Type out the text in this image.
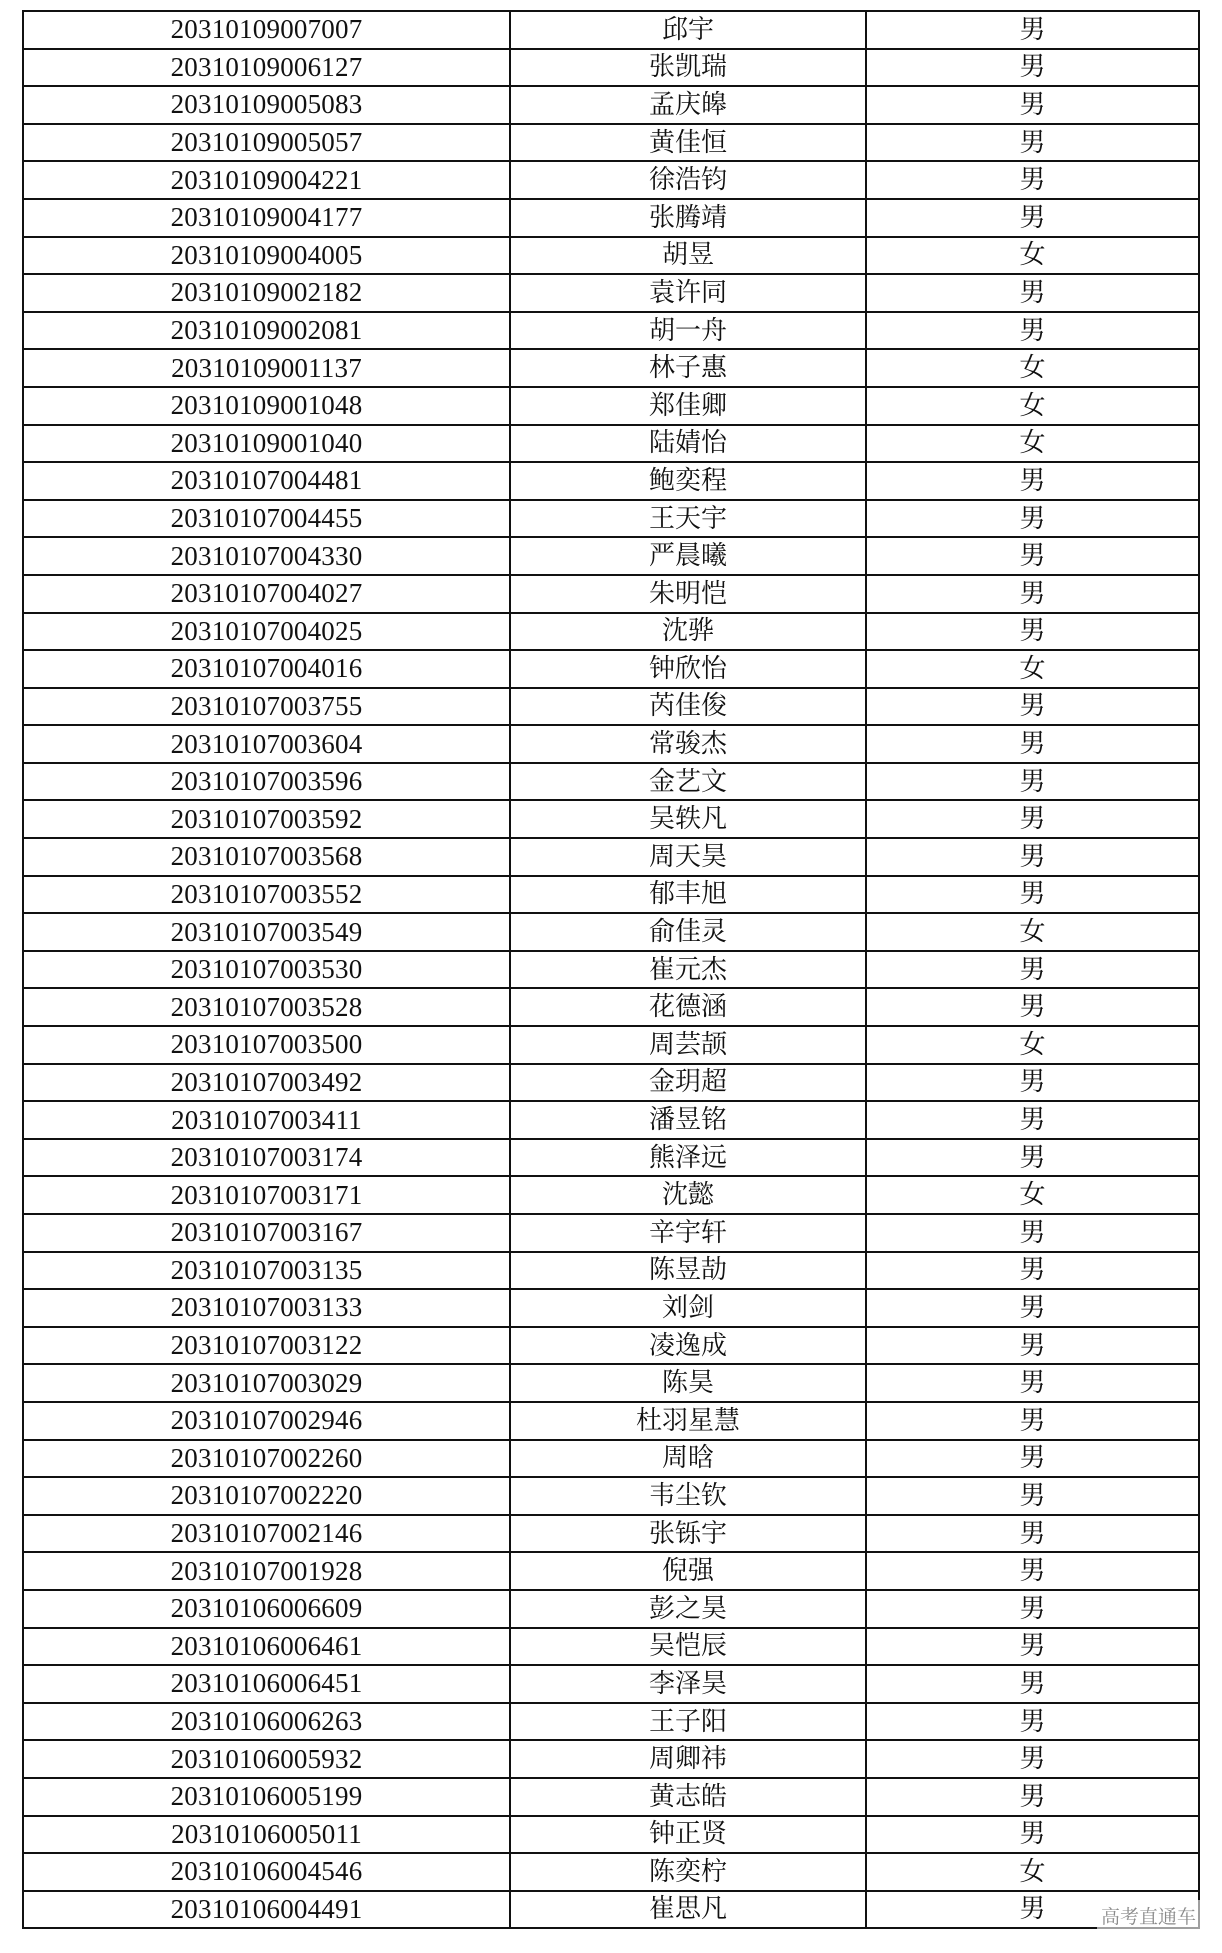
20310109007007	邱宇	男
20310109006127	张凯瑞	男
20310109005083	孟庆皞	男
20310109005057	黄佳恒	男
20310109004221	徐浩钧	男
20310109004177	张腾靖	男
20310109004005	胡昱	女
20310109002182	袁许同	男
20310109002081	胡一舟	男
20310109001137	林子惠	女
20310109001048	郑佳卿	女
20310109001040	陆婧怡	女
20310107004481	鲍奕程	男
20310107004455	王天宇	男
20310107004330	严晨曦	男
20310107004027	朱明恺	男
20310107004025	沈骅	男
20310107004016	钟欣怡	女
20310107003755	芮佳俊	男
20310107003604	常骏杰	男
20310107003596	金艺文	男
20310107003592	吴轶凡	男
20310107003568	周天昊	男
20310107003552	郁丰旭	男
20310107003549	俞佳灵	女
20310107003530	崔元杰	男
20310107003528	花德涵	男
20310107003500	周芸颉	女
20310107003492	金玥超	男
20310107003411	潘昱铭	男
20310107003174	熊泽远	男
20310107003171	沈懿	女
20310107003167	辛宇轩	男
20310107003135	陈昱劼	男
20310107003133	刘剑	男
20310107003122	凌逸成	男
20310107003029	陈昊	男
20310107002946	杜羽星慧	男
20310107002260	周晗	男
20310107002220	韦尘钦	男
20310107002146	张铄宇	男
20310107001928	倪强	男
20310106006609	彭之昊	男
20310106006461	吴恺辰	男
20310106006451	李泽昊	男
20310106006263	王子阳	男
20310106005932	周卿祎	男
20310106005199	黄志皓	男
20310106005011	钟正贤	男
20310106004546	陈奕柠	女
20310106004491	崔思凡	男	高考直通车
